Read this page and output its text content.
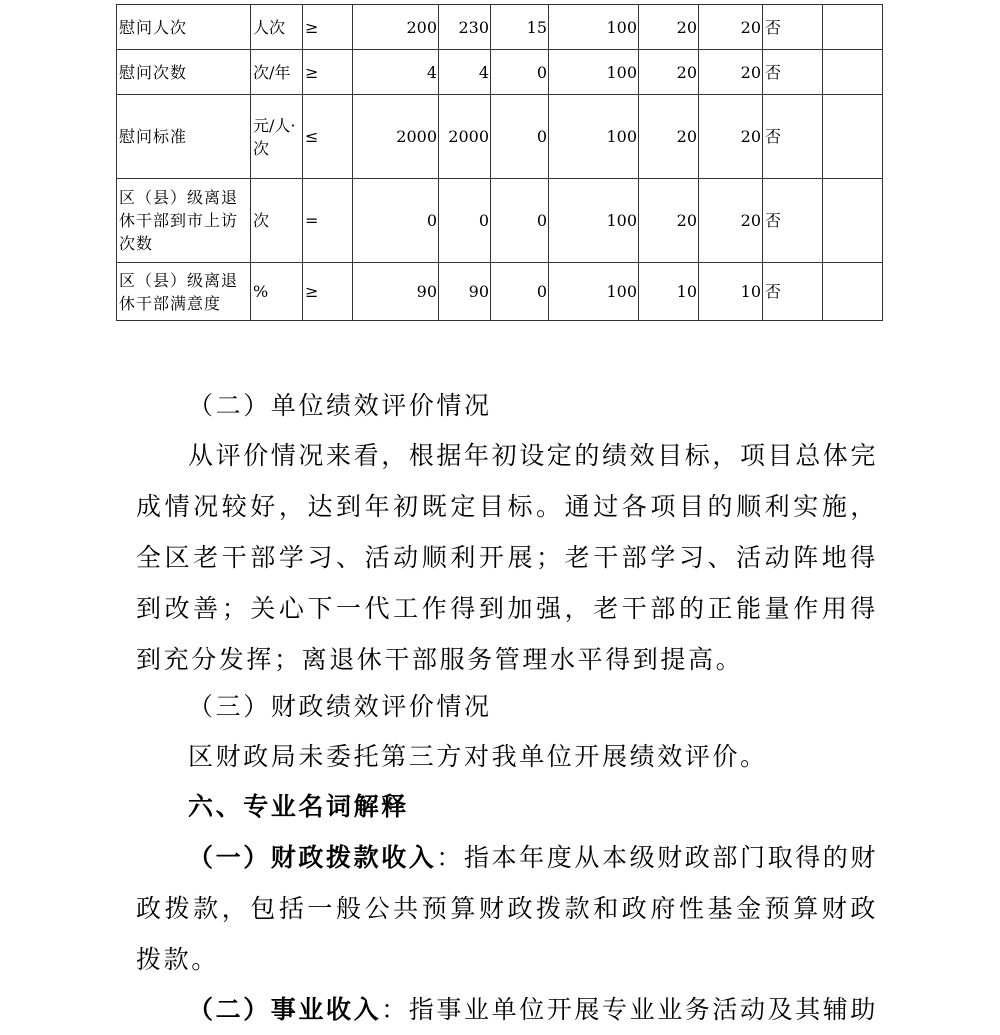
慰问人次	人次	≥	200	230	15	100	20	20	否	
慰问次数	次/年	≥	4	4	0	100	20	20	否	
慰问标准	元/人·次	≤	2000	2000	0	100	20	20	否	
区（县）级离退休干部到市上访次数	次	=	0	0	0	100	20	20	否	
区（县）级离退休干部满意度	%	≥	90	90	0	100	10	10	否	

（二）单位绩效评价情况

从评价情况来看，根据年初设定的绩效目标，项目总体完成情况较好，达到年初既定目标。通过各项目的顺利实施，全区老干部学习、活动顺利开展；老干部学习、活动阵地得到改善；关心下一代工作得到加强，老干部的正能量作用得到充分发挥；离退休干部服务管理水平得到提高。

（三）财政绩效评价情况

区财政局未委托第三方对我单位开展绩效评价。

六、专业名词解释

（一）财政拨款收入：指本年度从本级财政部门取得的财政拨款，包括一般公共预算财政拨款和政府性基金预算财政拨款。

（二）事业收入：指事业单位开展专业业务活动及其辅助
